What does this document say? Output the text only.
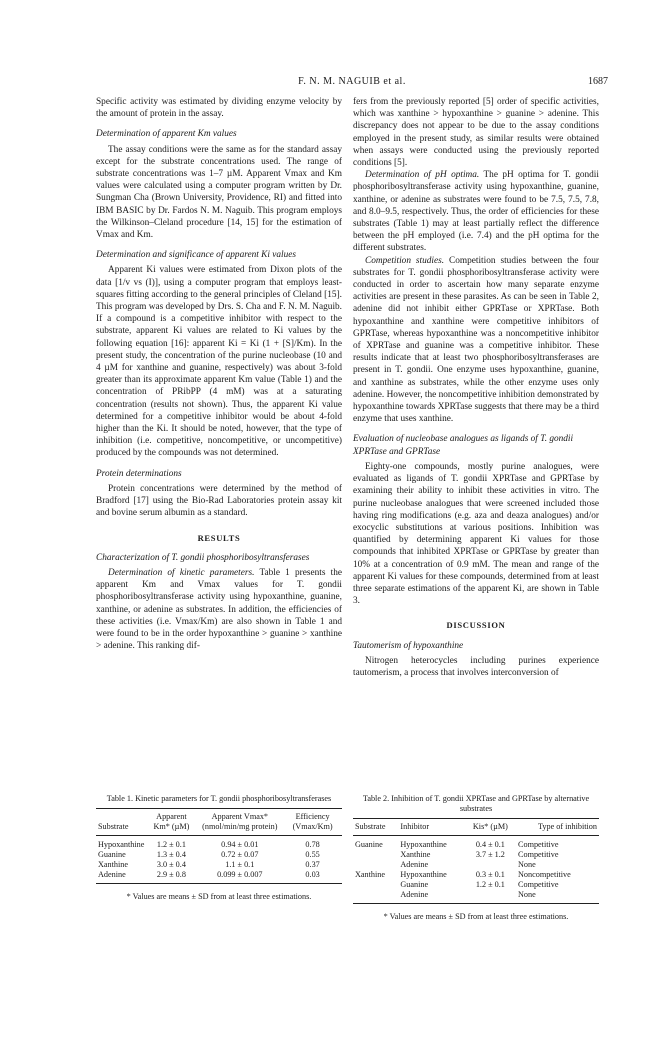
F. N. M. NAGUIB et al.	1687

Specific activity was estimated by dividing enzyme velocity by the amount of protein in the assay.

Determination of apparent Km values

The assay conditions were the same as for the standard assay except for the substrate concentrations used. The range of substrate concentrations was 1–7 µM. Apparent Vmax and Km values were calculated using a computer program written by Dr. Sungman Cha (Brown University, Providence, RI) and fitted into IBM BASIC by Dr. Fardos N. M. Naguib. This program employs the Wilkinson–Cleland procedure [14, 15] for the estimation of Vmax and Km.

Determination and significance of apparent Ki values

Apparent Ki values were estimated from Dixon plots of the data [1/v vs (I)], using a computer program that employs least-squares fitting according to the general principles of Cleland [15]. This program was developed by Drs. S. Cha and F. N. M. Naguib. If a compound is a competitive inhibitor with respect to the substrate, apparent Ki values are related to Ki values by the following equation [16]: apparent Ki = Ki (1 + [S]/Km). In the present study, the concentration of the purine nucleobase (10 and 4 µM for xanthine and guanine, respectively) was about 3-fold greater than its approximate apparent Km value (Table 1) and the concentration of PRibPP (4 mM) was at a saturating concentration (results not shown). Thus, the apparent Ki value determined for a competitive inhibitor would be about 4-fold higher than the Ki. It should be noted, however, that the type of inhibition (i.e. competitive, noncompetitive, or uncompetitive) produced by the compounds was not determined.

Protein determinations

Protein concentrations were determined by the method of Bradford [17] using the Bio-Rad Laboratories protein assay kit and bovine serum albumin as a standard.

RESULTS
Characterization of T. gondii phosphoribosyltransferases

Determination of kinetic parameters. Table 1 presents the apparent Km and Vmax values for T. gondii phosphoribosyltransferase activity using hypoxanthine, guanine, xanthine, or adenine as substrates. In addition, the efficiencies of these activities (i.e. Vmax/Km) are also shown in Table 1 and were found to be in the order hypoxanthine > guanine > xanthine > adenine. This ranking dif-

fers from the previously reported [5] order of specific activities, which was xanthine > hypoxanthine > guanine > adenine. This discrepancy does not appear to be due to the assay conditions employed in the present study, as similar results were obtained when assays were conducted using the previously reported conditions [5].

Determination of pH optima. The pH optima for T. gondii phosphoribosyltransferase activity using hypoxanthine, guanine, xanthine, or adenine as substrates were found to be 7.5, 7.5, 7.8, and 8.0–9.5, respectively. Thus, the order of efficiencies for these substrates (Table 1) may at least partially reflect the difference between the pH employed (i.e. 7.4) and the pH optima for the different substrates.

Competition studies. Competition studies between the four substrates for T. gondii phosphoribosyltransferase activity were conducted in order to ascertain how many separate enzyme activities are present in these parasites. As can be seen in Table 2, adenine did not inhibit either GPRTase or XPRTase. Both hypoxanthine and xanthine were competitive inhibitors of GPRTase, whereas hypoxanthine was a noncompetitive inhibitor of XPRTase and guanine was a competitive inhibitor. These results indicate that at least two phosphoribosyltransferases are present in T. gondii. One enzyme uses hypoxanthine, guanine, and xanthine as substrates, while the other enzyme uses only adenine. However, the noncompetitive inhibition demonstrated by hypoxanthine towards XPRTase suggests that there may be a third enzyme that uses xanthine.

Evaluation of nucleobase analogues as ligands of T. gondii XPRTase and GPRTase

Eighty-one compounds, mostly purine analogues, were evaluated as ligands of T. gondii XPRTase and GPRTase by examining their ability to inhibit these activities in vitro. The purine nucleobase analogues that were screened included those having ring modifications (e.g. aza and deaza analogues) and/or exocyclic substitutions at various positions. Inhibition was quantified by determining apparent Ki values for those compounds that inhibited XPRTase or GPRTase by greater than 10% at a concentration of 0.9 mM. The mean and range of the apparent Ki values for these compounds, determined from at least three separate estimations of the apparent Ki, are shown in Table 3.

DISCUSSION
Tautomerism of hypoxanthine

Nitrogen heterocycles including purines experience tautomerism, a process that involves interconversion of

Table 1. Kinetic parameters for T. gondii phosphoribosyltransferases
Substrate	Apparent Km* (µM)	Apparent Vmax* (nmol/min/mg protein)	Efficiency (Vmax/Km)
Hypoxanthine	1.2 ± 0.1	0.94 ± 0.01	0.78
Guanine	1.3 ± 0.4	0.72 ± 0.07	0.55
Xanthine	3.0 ± 0.4	1.1 ± 0.1	0.37
Adenine	2.9 ± 0.8	0.099 ± 0.007	0.03
* Values are means ± SD from at least three estimations.
Table 2. Inhibition of T. gondii XPRTase and GPRTase by alternative substrates
Substrate	Inhibitor	Kis* (µM)	Type of inhibition
Guanine	Hypoxanthine	0.4 ± 0.1	Competitive
	Xanthine	3.7 ± 1.2	Competitive
	Adenine		None
Xanthine	Hypoxanthine	0.3 ± 0.1	Noncompetitive
	Guanine	1.2 ± 0.1	Competitive
	Adenine		None
* Values are means ± SD from at least three estimations.
